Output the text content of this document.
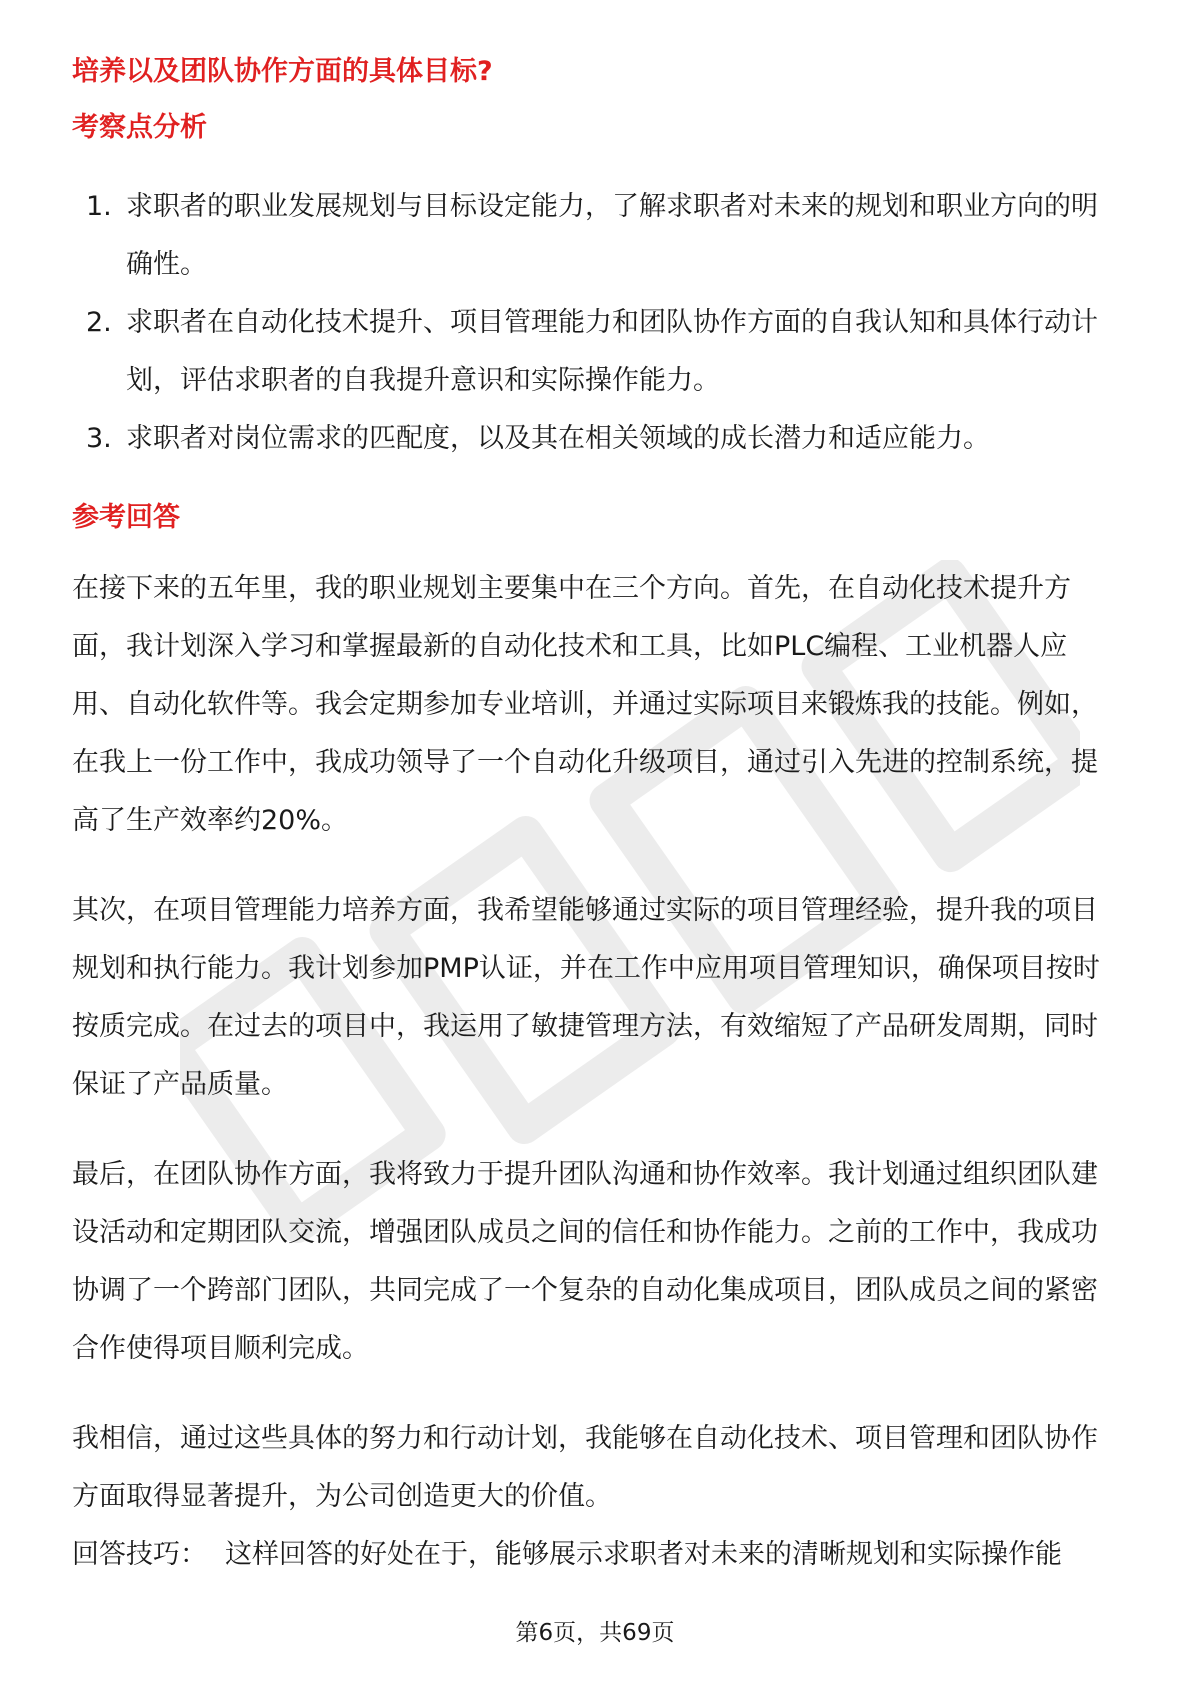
培养以及团队协作方面的具体目标?
考察点分析
1. 求职者的职业发展规划与目标设定能力，了解求职者对未来的规划和职业方向的明确性。
2. 求职者在自动化技术提升、项目管理能力和团队协作方面的自我认知和具体行动计划，评估求职者的自我提升意识和实际操作能力。
3. 求职者对岗位需求的匹配度，以及其在相关领域的成长潜力和适应能力。
参考回答

在接下来的五年里，我的职业规划主要集中在三个方向。首先，在自动化技术提升方面，我计划深入学习和掌握最新的自动化技术和工具，比如PLC编程、工业机器人应用、自动化软件等。我会定期参加专业培训，并通过实际项目来锻炼我的技能。例如，在我上一份工作中，我成功领导了一个自动化升级项目，通过引入先进的控制系统，提高了生产效率约20%。

其次，在项目管理能力培养方面，我希望能够通过实际的项目管理经验，提升我的项目规划和执行能力。我计划参加PMP认证，并在工作中应用项目管理知识，确保项目按时按质完成。在过去的项目中，我运用了敏捷管理方法，有效缩短了产品研发周期，同时保证了产品质量。

最后，在团队协作方面，我将致力于提升团队沟通和协作效率。我计划通过组织团队建设活动和定期团队交流，增强团队成员之间的信任和协作能力。之前的工作中，我成功协调了一个跨部门团队，共同完成了一个复杂的自动化集成项目，团队成员之间的紧密合作使得项目顺利完成。

我相信，通过这些具体的努力和行动计划，我能够在自动化技术、项目管理和团队协作方面取得显著提升，为公司创造更大的价值。

回答技巧： 这样回答的好处在于，能够展示求职者对未来的清晰规划和实际操作能

第6页，共69页
